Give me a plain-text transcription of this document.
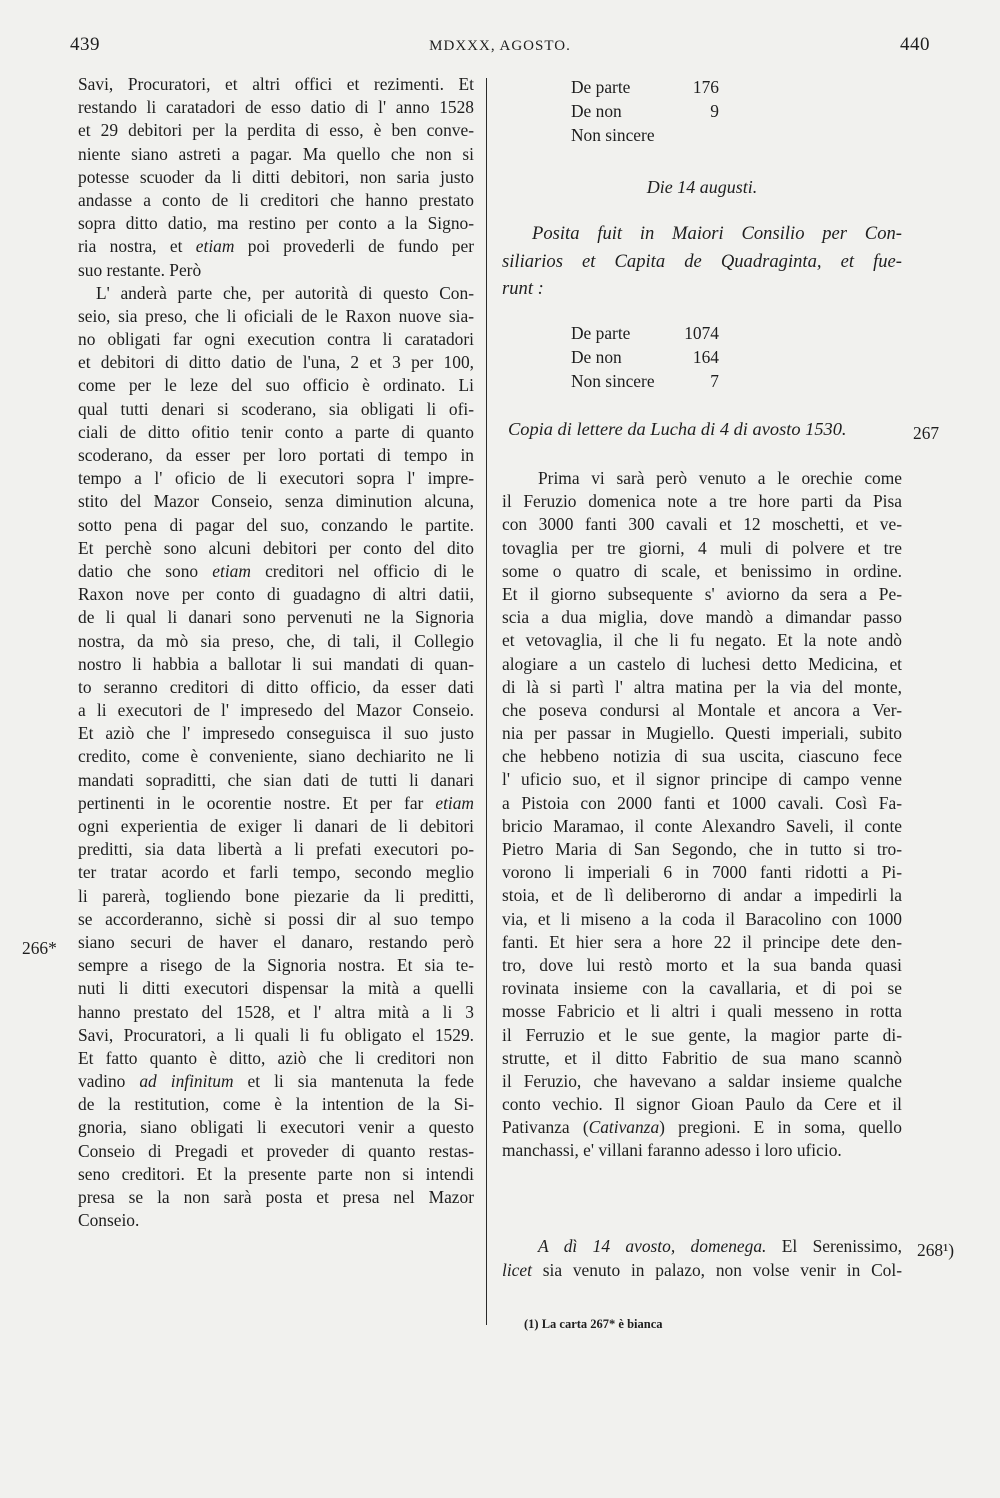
439	MDXXX, AGOSTO.	440
Savi, Procuratori, et altri offici et rezimenti. Et
restando li caratadori de esso datio di l' anno 1528
et 29 debitori per la perdita di esso, è ben conve-
niente siano astreti a pagar. Ma quello che non si
potesse scuoder da li ditti debitori, non saria justo
andasse a conto de li creditori che hanno prestato
sopra ditto datio, ma restino per conto a la Signo-
ria nostra, et etiam poi provederli de fundo per
suo restante. Però
L' anderà parte che, per autorità di questo Con-
seio, sia preso, che li oficiali de le Raxon nuove sia-
no obligati far ogni execution contra li caratadori
et debitori di ditto datio de l'una, 2 et 3 per 100,
come per le leze del suo officio è ordinato. Li
qual tutti denari si scoderano, sia obligati li ofi-
ciali de ditto ofitio tenir conto a parte di quanto
scoderano, da esser per loro portati di tempo in
tempo a l' oficio de li executori sopra l' impre-
stito del Mazor Conseio, senza diminution alcuna,
sotto pena di pagar del suo, conzando le partite.
Et perchè sono alcuni debitori per conto del dito
datio che sono etiam creditori nel officio di le
Raxon nove per conto di guadagno di altri datii,
de li qual li danari sono pervenuti ne la Signoria
nostra, da mò sia preso, che, di tali, il Collegio
nostro li habbia a ballotar li sui mandati di quan-
to seranno creditori di ditto officio, da esser dati
a li executori de l' impresedo del Mazor Conseio.
Et aziò che l' impresedo conseguisca il suo justo
credito, come è conveniente, siano dechiarito ne li
mandati sopraditti, che sian dati de tutti li danari
pertinenti in le ocorentie nostre. Et per far etiam
ogni experientia de exiger li danari de li debitori
preditti, sia data libertà a li prefati executori po-
ter tratar acordo et farli tempo, secondo meglio
li parerà, togliendo bone piezarie da li preditti,
se accorderanno, sichè si possi dir al suo tempo
siano securi de haver el danaro, restando però
sempre a risego de la Signoria nostra. Et sia te-
nuti li ditti executori dispensar la mità a quelli
hanno prestato del 1528, et l' altra mità a li 3
Savi, Procuratori, a li quali li fu obligato el 1529.
Et fatto quanto è ditto, aziò che li creditori non
vadino ad infinitum et li sia mantenuta la fede
de la restitution, come è la intention de la Si-
gnoria, siano obligati li executori venir a questo
Conseio di Pregadi et proveder di quanto restas-
seno creditori. Et la presente parte non si intendi
presa se la non sarà posta et presa nel Mazor
Conseio.
266*
De parte	176
De non	9
Non sincere
Die 14 augusti.
Posita fuit in Maiori Consilio per Con-
siliarios et Capita de Quadraginta, et fue-
runt :
De parte	1074
De non	164
Non sincere	7
Copia di lettere da Lucha di 4 di avosto 1530.	267
Prima vi sarà però venuto a le orechie come
il Feruzio domenica note a tre hore parti da Pisa
con 3000 fanti 300 cavali et 12 moschetti, et ve-
tovaglia per tre giorni, 4 muli di polvere et tre
some o quatro di scale, et benissimo in ordine.
Et il giorno subsequente s' aviorno da sera a Pe-
scia a dua miglia, dove mandò a dimandar passo
et vetovaglia, il che li fu negato. Et la note andò
alogiare a un castelo di luchesi detto Medicina, et
di là si partì l' altra matina per la via del monte,
che poseva condursi al Montale et ancora a Ver-
nia per passar in Mugiello. Questi imperiali, subito
che hebbeno notizia di sua uscita, ciascuno fece
l' uficio suo, et il signor principe di campo venne
a Pistoia con 2000 fanti et 1000 cavali. Così Fa-
bricio Maramao, il conte Alexandro Saveli, il conte
Pietro Maria di San Segondo, che in tutto si tro-
vorono li imperiali 6 in 7000 fanti ridotti a Pi-
stoia, et de lì deliberorno di andar a impedirli la
via, et li miseno a la coda il Baracolino con 1000
fanti. Et hier sera a hore 22 il principe dete den-
tro, dove lui restò morto et la sua banda quasi
rovinata insieme con la cavallaria, et di poi se
mosse Fabricio et li altri i quali messeno in rotta
il Ferruzio et le sue gente, la magior parte di-
strutte, et il ditto Fabritio de sua mano scannò
il Feruzio, che havevano a saldar insieme qualche
conto vechio. Il signor Gioan Paulo da Cere et il
Pativanza (Cativanza) pregioni. E in soma, quello
manchassi, e' villani faranno adesso i loro uficio.
A dì 14 avosto, domenega. El Serenissimo,
licet sia venuto in palazo, non volse venir in Col-
268¹)
(1) La carta 267* è bianca
